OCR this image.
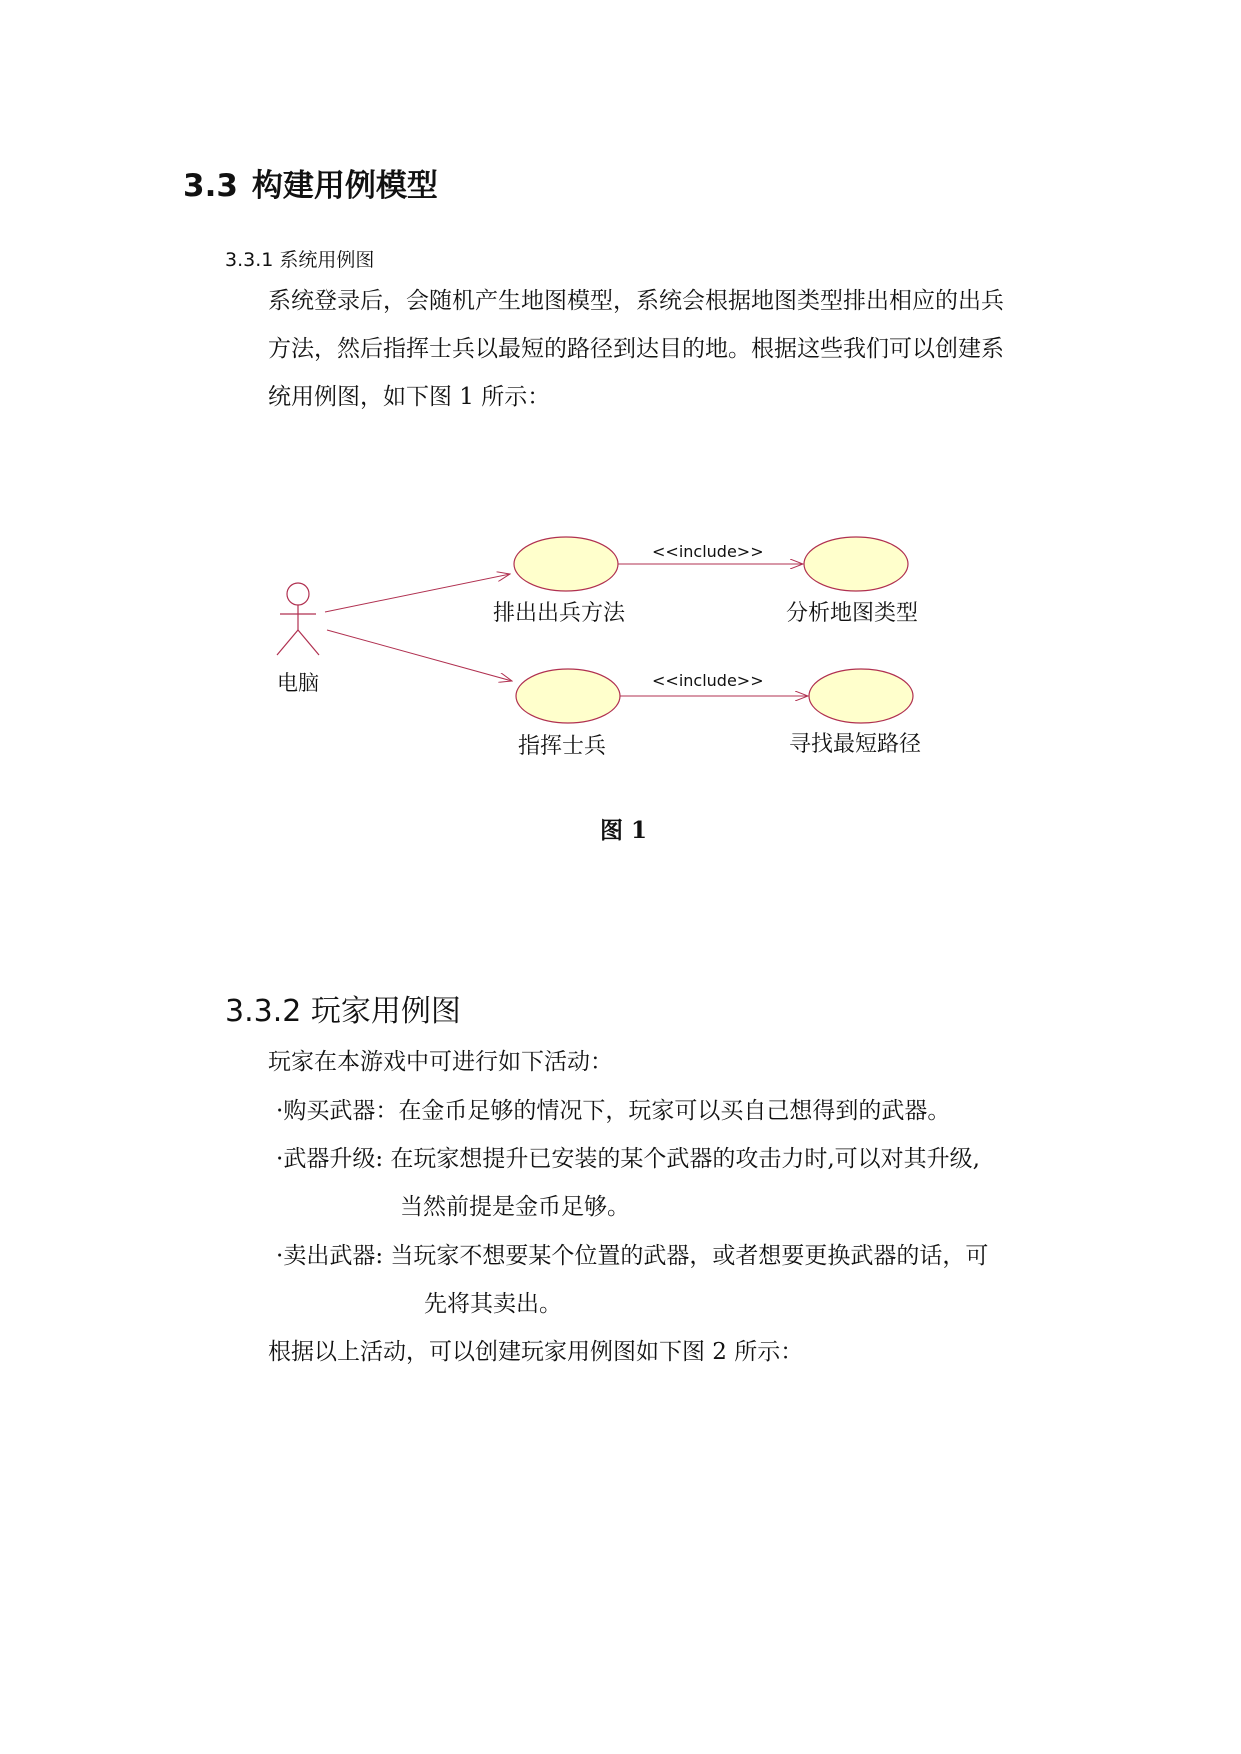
3.3 构建用例模型
3.3.1 系统用例图
系统登录后，会随机产生地图模型，系统会根据地图类型排出相应的出兵
方法，然后指挥士兵以最短的路径到达目的地。根据这些我们可以创建系
统用例图，如下图 1 所示：
电脑
<<include>>
<<include>>
排出出兵方法	分析地图类型
指挥士兵	寻找最短路径
图 1
3.3.2 玩家用例图
玩家在本游戏中可进行如下活动：
·购买武器：在金币足够的情况下，玩家可以买自己想得到的武器。
·武器升级: 在玩家想提升已安装的某个武器的攻击力时,可以对其升级,
当然前提是金币足够。
·卖出武器: 当玩家不想要某个位置的武器，或者想要更换武器的话，可
先将其卖出。
根据以上活动，可以创建玩家用例图如下图 2 所示：
